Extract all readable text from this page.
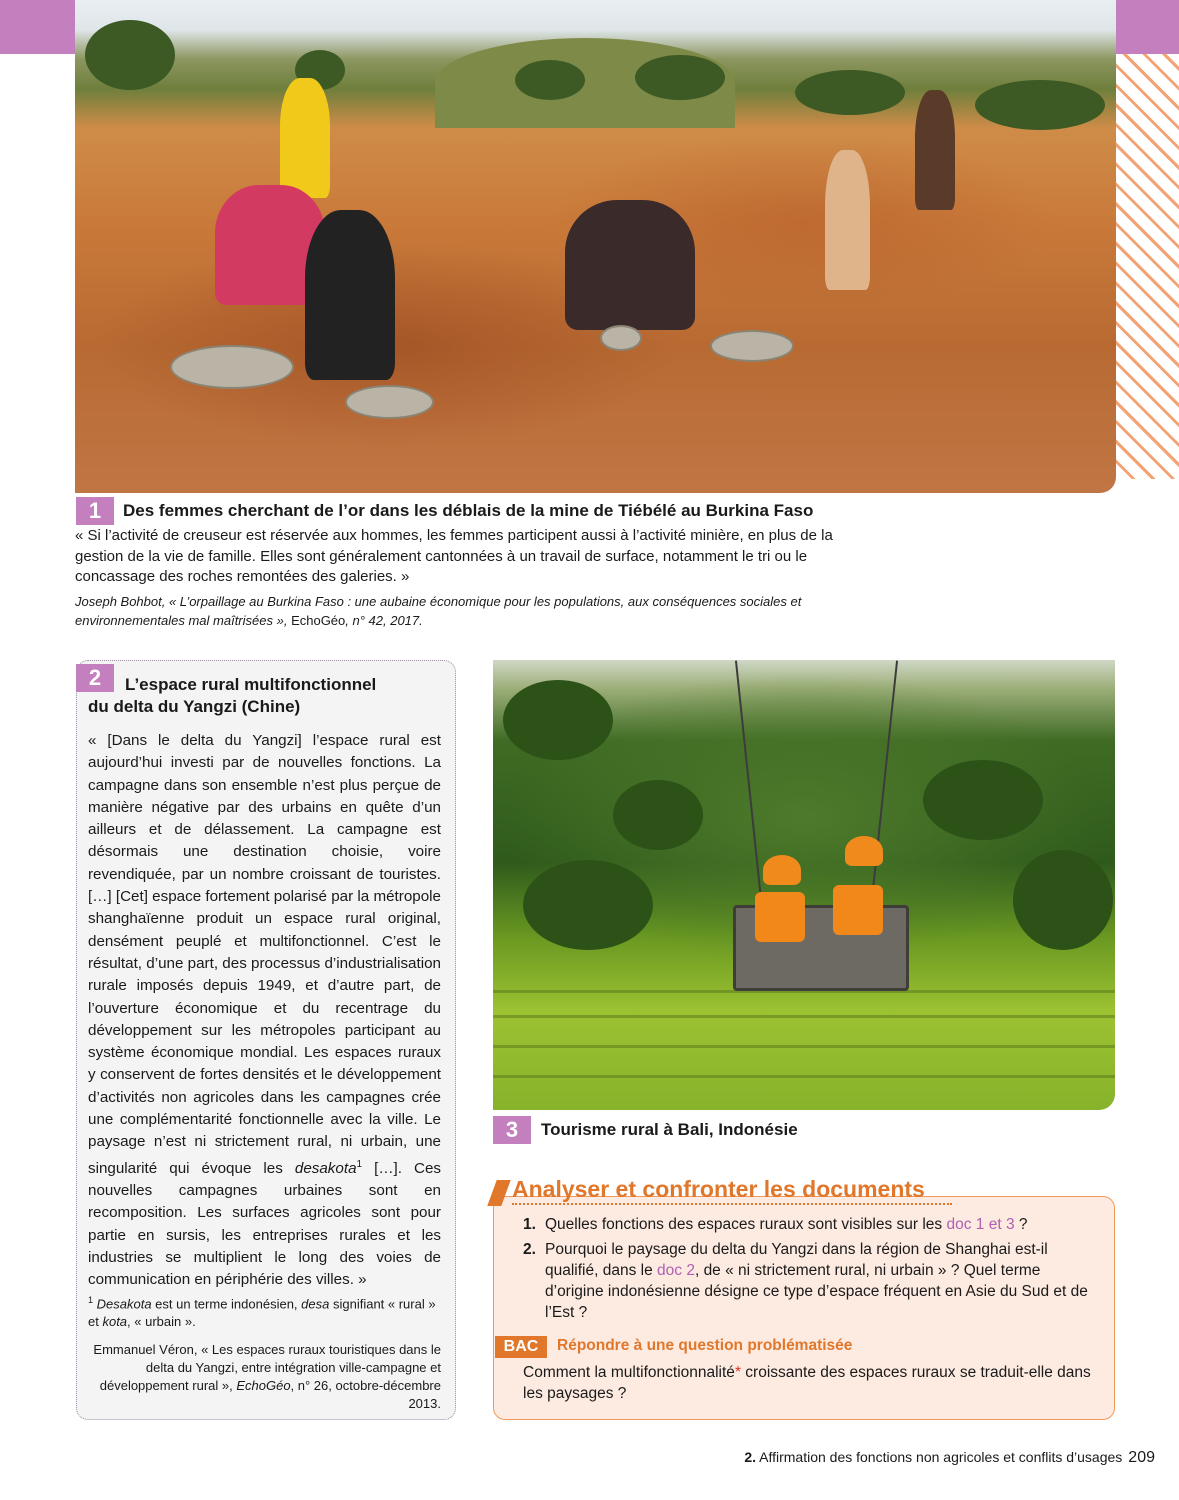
1	Des femmes cherchant de l’or dans les déblais de la mine de Tiébélé au Burkina Faso
« Si l’activité de creuseur est réservée aux hommes, les femmes participent aussi à l’activité minière, en plus de la gestion de la vie de famille. Elles sont généralement cantonnées à un travail de surface, notamment le tri ou le concassage des roches remontées des galeries. »
Joseph Bohbot, « L’orpaillage au Burkina Faso : une aubaine économique pour les populations, aux conséquences sociales et environnementales mal maîtrisées », EchoGéo, n° 42, 2017.
2	L’espace rural multifonctionnel
du delta du Yangzi (Chine)
« [Dans le delta du Yangzi] l’espace rural est aujourd’hui investi par de nouvelles fonctions. La campagne dans son ensemble n’est plus perçue de manière négative par des urbains en quête d’un ailleurs et de délassement. La campagne est désormais une destination choisie, voire revendiquée, par un nombre croissant de touristes. […] [Cet] espace fortement polarisé par la métropole shanghaïenne produit un espace rural original, densément peuplé et multifonctionnel. C’est le résultat, d’une part, des processus d’industrialisation rurale imposés depuis 1949, et d’autre part, de l’ouverture économique et du recentrage du développement sur les métropoles participant au système économique mondial. Les espaces ruraux y conservent de fortes densités et le développement d’activités non agricoles dans les campagnes crée une complémentarité fonctionnelle avec la ville. Le paysage n’est ni strictement rural, ni urbain, une singularité qui évoque les desakota$^1$ […]. Ces nouvelles campagnes urbaines sont en recomposition. Les surfaces agricoles sont pour partie en sursis, les entreprises rurales et les industries se multiplient le long des voies de communication en périphérie des villes. »
$^1$ Desakota est un terme indonésien, desa signifiant « rural » et kota, « urbain ».
Emmanuel Véron, « Les espaces ruraux touristiques dans le delta du Yangzi, entre intégration ville-campagne et développement rural », EchoGéo, n° 26, octobre-décembre 2013.
3	Tourisme rural à Bali, Indonésie
Analyser et confronter les documents
1. Quelles fonctions des espaces ruraux sont visibles sur les doc 1 et 3 ?
2. Pourquoi le paysage du delta du Yangzi dans la région de Shanghai est-il qualifié, dans le doc 2, de « ni strictement rural, ni urbain » ? Quel terme d’origine indonésienne désigne ce type d’espace fréquent en Asie du Sud et de l’Est ?
BAC	Répondre à une question problématisée
Comment la multifonctionnalité* croissante des espaces ruraux se traduit-elle dans les paysages ?
2. Affirmation des fonctions non agricoles et conflits d’usages 209
